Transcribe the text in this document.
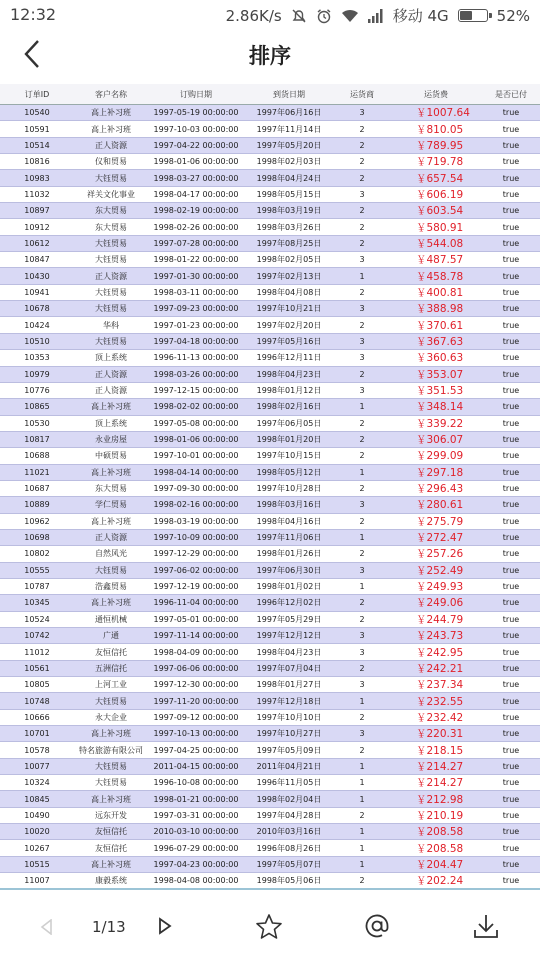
12:32	2.86K/s	移动 4G	52%
排序
订单ID	客户名称	订购日期	到货日期	运货商	运货费	是否已付
10540	高上补习班	1997-05-19 00:00:00	1997年06月16日	3	￥1007.64	true
10591	高上补习班	1997-10-03 00:00:00	1997年11月14日	2	￥810.05	true
10514	正人资源	1997-04-22 00:00:00	1997年05月20日	2	￥789.95	true
10816	仪和贸易	1998-01-06 00:00:00	1998年02月03日	2	￥719.78	true
10983	大钰贸易	1998-03-27 00:00:00	1998年04月24日	2	￥657.54	true
11032	祥关文化事业	1998-04-17 00:00:00	1998年05月15日	3	￥606.19	true
10897	东大贸易	1998-02-19 00:00:00	1998年03月19日	2	￥603.54	true
10912	东大贸易	1998-02-26 00:00:00	1998年03月26日	2	￥580.91	true
10612	大钰贸易	1997-07-28 00:00:00	1997年08月25日	2	￥544.08	true
10847	大钰贸易	1998-01-22 00:00:00	1998年02月05日	3	￥487.57	true
10430	正人资源	1997-01-30 00:00:00	1997年02月13日	1	￥458.78	true
10941	大钰贸易	1998-03-11 00:00:00	1998年04月08日	2	￥400.81	true
10678	大钰贸易	1997-09-23 00:00:00	1997年10月21日	3	￥388.98	true
10424	华科	1997-01-23 00:00:00	1997年02月20日	2	￥370.61	true
10510	大钰贸易	1997-04-18 00:00:00	1997年05月16日	3	￥367.63	true
10353	顶上系统	1996-11-13 00:00:00	1996年12月11日	3	￥360.63	true
10979	正人资源	1998-03-26 00:00:00	1998年04月23日	2	￥353.07	true
10776	正人资源	1997-12-15 00:00:00	1998年01月12日	3	￥351.53	true
10865	高上补习班	1998-02-02 00:00:00	1998年02月16日	1	￥348.14	true
10530	顶上系统	1997-05-08 00:00:00	1997年06月05日	2	￥339.22	true
10817	永业房屋	1998-01-06 00:00:00	1998年01月20日	2	￥306.07	true
10688	中硕贸易	1997-10-01 00:00:00	1997年10月15日	2	￥299.09	true
11021	高上补习班	1998-04-14 00:00:00	1998年05月12日	1	￥297.18	true
10687	东大贸易	1997-09-30 00:00:00	1997年10月28日	2	￥296.43	true
10889	学仁贸易	1998-02-16 00:00:00	1998年03月16日	3	￥280.61	true
10962	高上补习班	1998-03-19 00:00:00	1998年04月16日	2	￥275.79	true
10698	正人资源	1997-10-09 00:00:00	1997年11月06日	1	￥272.47	true
10802	自然风光	1997-12-29 00:00:00	1998年01月26日	2	￥257.26	true
10555	大钰贸易	1997-06-02 00:00:00	1997年06月30日	3	￥252.49	true
10787	浩鑫贸易	1997-12-19 00:00:00	1998年01月02日	1	￥249.93	true
10345	高上补习班	1996-11-04 00:00:00	1996年12月02日	2	￥249.06	true
10524	通恒机械	1997-05-01 00:00:00	1997年05月29日	2	￥244.79	true
10742	广通	1997-11-14 00:00:00	1997年12月12日	3	￥243.73	true
11012	友恒信托	1998-04-09 00:00:00	1998年04月23日	3	￥242.95	true
10561	五洲信托	1997-06-06 00:00:00	1997年07月04日	2	￥242.21	true
10805	上河工业	1997-12-30 00:00:00	1998年01月27日	3	￥237.34	true
10748	大钰贸易	1997-11-20 00:00:00	1997年12月18日	1	￥232.55	true
10666	永大企业	1997-09-12 00:00:00	1997年10月10日	2	￥232.42	true
10701	高上补习班	1997-10-13 00:00:00	1997年10月27日	3	￥220.31	true
10578	特名旅游有限公司	1997-04-25 00:00:00	1997年05月09日	2	￥218.15	true
10077	大钰贸易	2011-04-15 00:00:00	2011年04月21日	1	￥214.27	true
10324	大钰贸易	1996-10-08 00:00:00	1996年11月05日	1	￥214.27	true
10845	高上补习班	1998-01-21 00:00:00	1998年02月04日	1	￥212.98	true
10490	远东开发	1997-03-31 00:00:00	1997年04月28日	2	￥210.19	true
10020	友恒信托	2010-03-10 00:00:00	2010年03月16日	1	￥208.58	true
10267	友恒信托	1996-07-29 00:00:00	1996年08月26日	1	￥208.58	true
10515	高上补习班	1997-04-23 00:00:00	1997年05月07日	1	￥204.47	true
11007	康毅系统	1998-04-08 00:00:00	1998年05月06日	2	￥202.24	true
1/13
